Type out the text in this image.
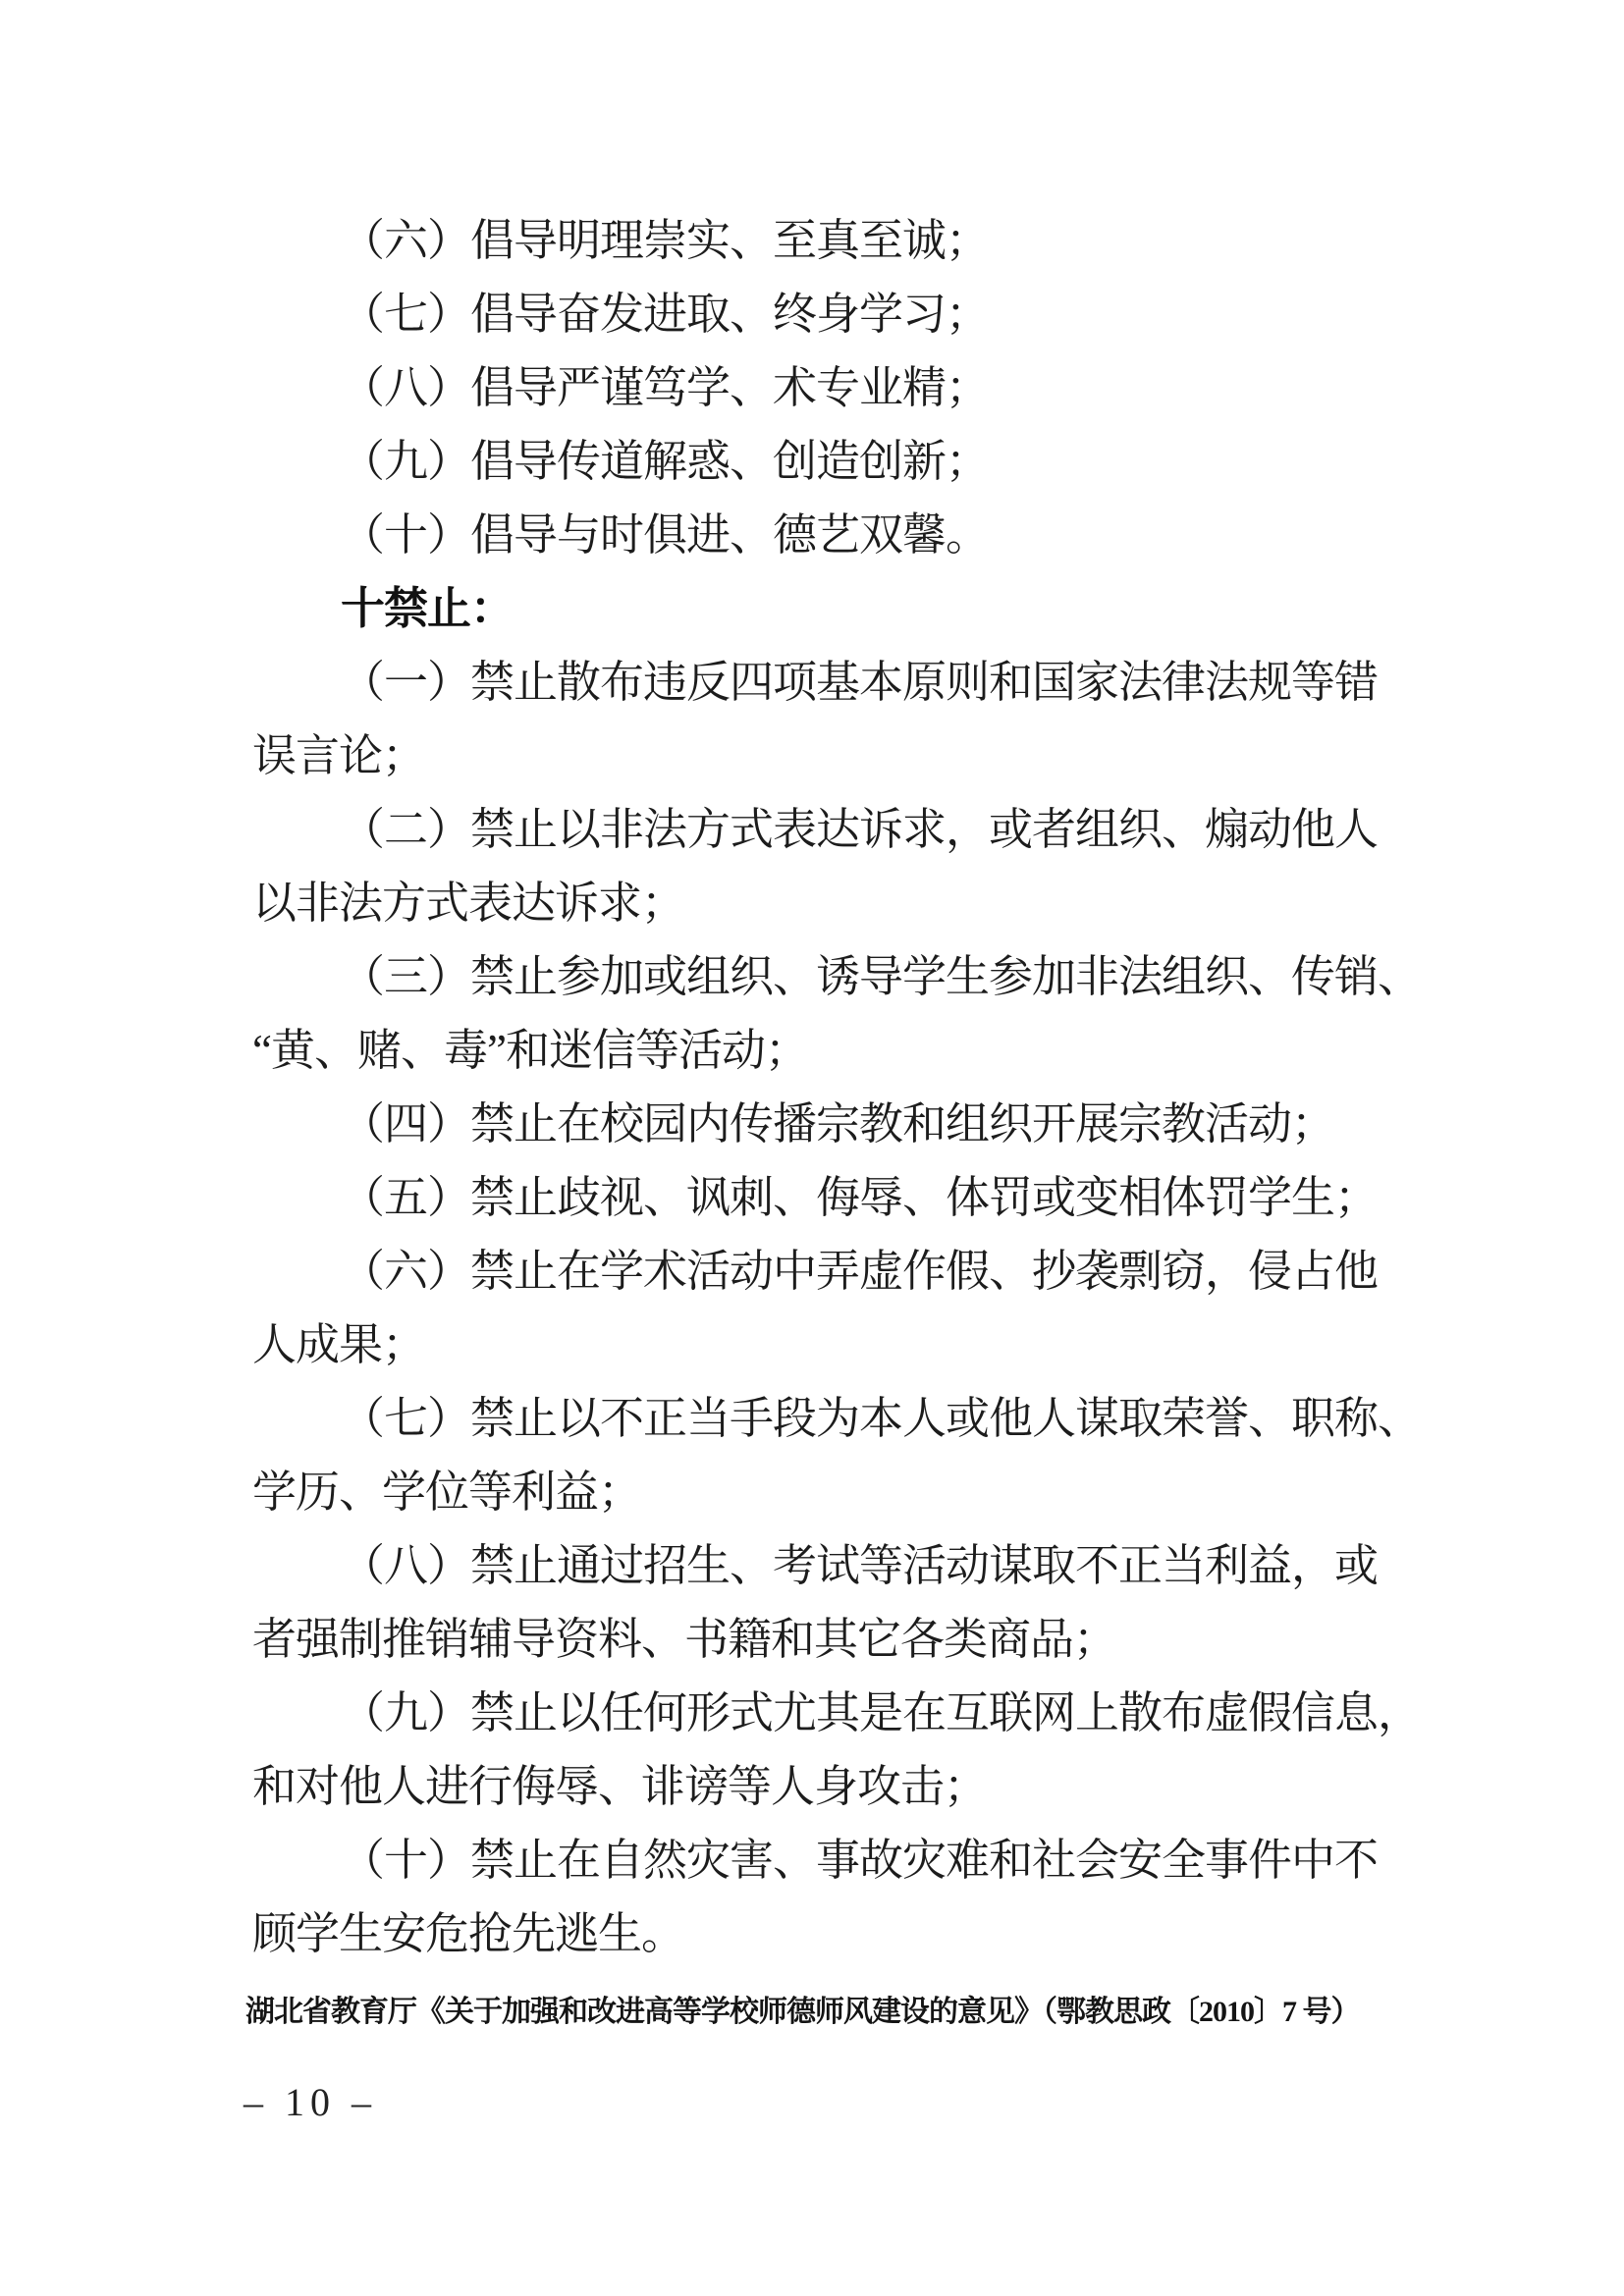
（六）倡导明理崇实、至真至诚；

（七）倡导奋发进取、终身学习；

（八）倡导严谨笃学、术专业精；

（九）倡导传道解惑、创造创新；

（十）倡导与时俱进、德艺双馨。

十禁止：

（一）禁止散布违反四项基本原则和国家法律法规等错

误言论；

（二）禁止以非法方式表达诉求，或者组织、煽动他人

以非法方式表达诉求；

（三）禁止参加或组织、诱导学生参加非法组织、传销、

“黄、赌、毒”和迷信等活动；

（四）禁止在校园内传播宗教和组织开展宗教活动；

（五）禁止歧视、讽刺、侮辱、体罚或变相体罚学生；

（六）禁止在学术活动中弄虚作假、抄袭剽窃，侵占他

人成果；

（七）禁止以不正当手段为本人或他人谋取荣誉、职称、

学历、学位等利益；

（八）禁止通过招生、考试等活动谋取不正当利益，或

者强制推销辅导资料、书籍和其它各类商品；

（九）禁止以任何形式尤其是在互联网上散布虚假信息，

和对他人进行侮辱、诽谤等人身攻击；

（十）禁止在自然灾害、事故灾难和社会安全事件中不

顾学生安危抢先逃生。

湖北省教育厅《关于加强和改进高等学校师德师风建设的意见》（鄂教思政〔2010〕7 号）
– 10 –
